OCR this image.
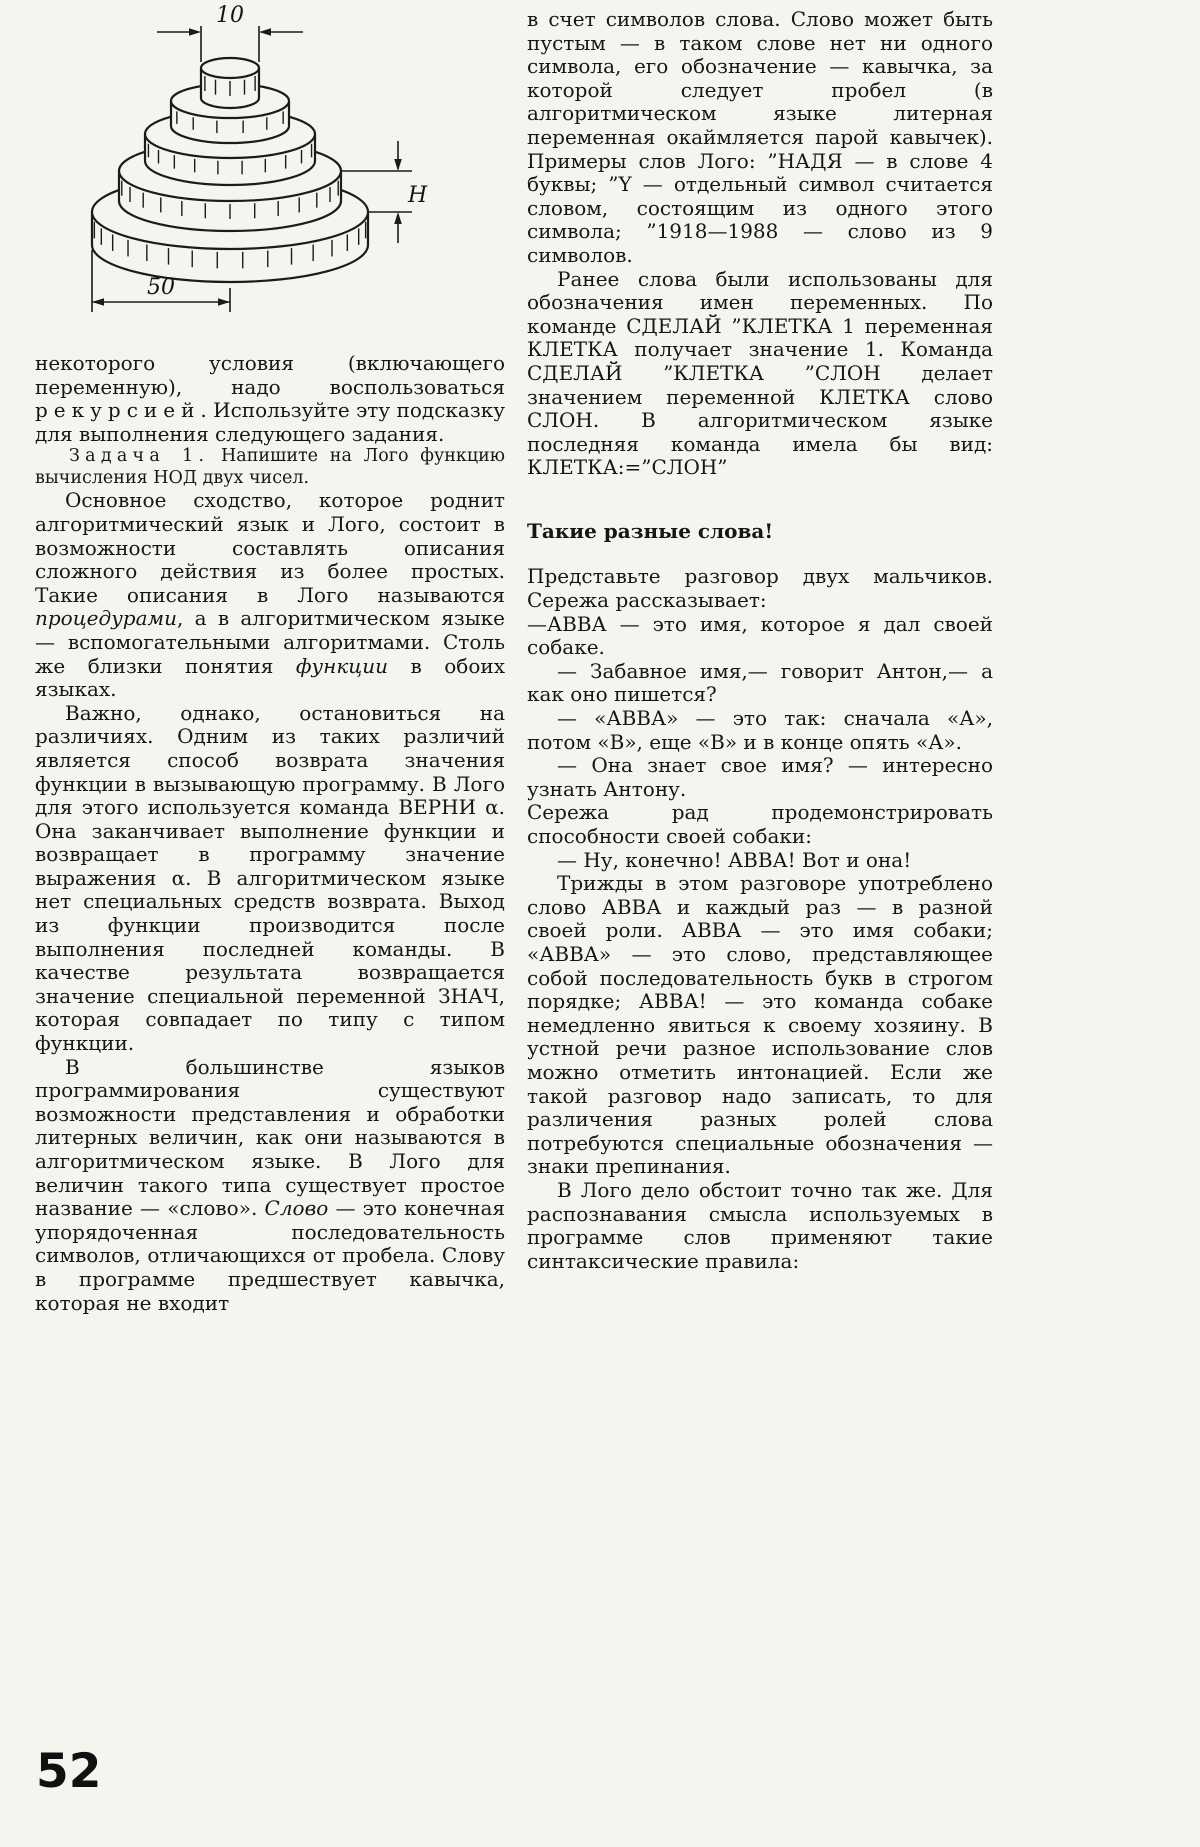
10
H
50

некоторого условия (включающего переменную), надо воспользоваться рекурсией. Используйте эту подсказку для выполнения следующего задания.

Задача 1. Напишите на Лого функцию вычисления НОД двух чисел.

Основное сходство, которое роднит алгоритмический язык и Лого, состоит в возможности составлять описания сложного действия из более простых. Такие описания в Лого называются процедурами, а в алгоритмическом языке — вспомогательными алгоритмами. Столь же близки понятия функции в обоих языках.

Важно, однако, остановиться на различиях. Одним из таких различий является способ возврата значения функции в вызывающую программу. В Лого для этого используется команда ВЕРНИ α. Она заканчивает выполнение функции и возвращает в программу значение выражения α. В алгоритмическом языке нет специальных средств возврата. Выход из функции производится после выполнения последней команды. В качестве результата возвращается значение специальной переменной ЗНАЧ, которая совпадает по типу с типом функции.

В большинстве языков программирования существуют возможности представления и обработки литерных величин, как они называются в алгоритмическом языке. В Лого для величин такого типа существует простое название — «слово». Слово — это конечная упорядоченная последовательность символов, отличающихся от пробела. Слову в программе предшествует кавычка, которая не входит

в счет символов слова. Слово может быть пустым — в таком слове нет ни одного символа, его обозначение — кавычка, за которой следует пробел (в алгоритмическом языке литерная переменная окаймляется парой кавычек). Примеры слов Лого: ”НАДЯ — в слове 4 буквы; ”Y — отдельный символ считается словом, состоящим из одного этого символа; ”1918—1988 — слово из 9 символов.

Ранее слова были использованы для обозначения имен переменных. По команде СДЕЛАЙ ”КЛЕТКА 1 переменная КЛЕТКА получает значение 1. Команда СДЕЛАЙ ”КЛЕТКА ”СЛОН делает значением переменной КЛЕТКА слово СЛОН. В алгоритмическом языке последняя команда имела бы вид: КЛЕТКА:=”СЛОН”

Такие разные слова!

Представьте разговор двух мальчиков. Сережа рассказывает:

—АВВА — это имя, которое я дал своей собаке.

— Забавное имя,— говорит Антон,— а как оно пишется?

— «АВВА» — это так: сначала «А», потом «В», еще «В» и в конце опять «А».

— Она знает свое имя? — интересно узнать Антону.

Сережа рад продемонстрировать способности своей собаки:

— Ну, конечно! АВВА! Вот и она!

Трижды в этом разговоре употреблено слово АВВА и каждый раз — в разной своей роли. АВВА — это имя собаки; «АВВА» — это слово, представляющее собой последовательность букв в строгом порядке; АВВА! — это команда собаке немедленно явиться к своему хозяину. В устной речи разное использование слов можно отметить интонацией. Если же такой разговор надо записать, то для различения разных ролей слова потребуются специальные обозначения — знаки препинания.

В Лого дело обстоит точно так же. Для распознавания смысла используемых в программе слов применяют такие синтаксические правила:

52
